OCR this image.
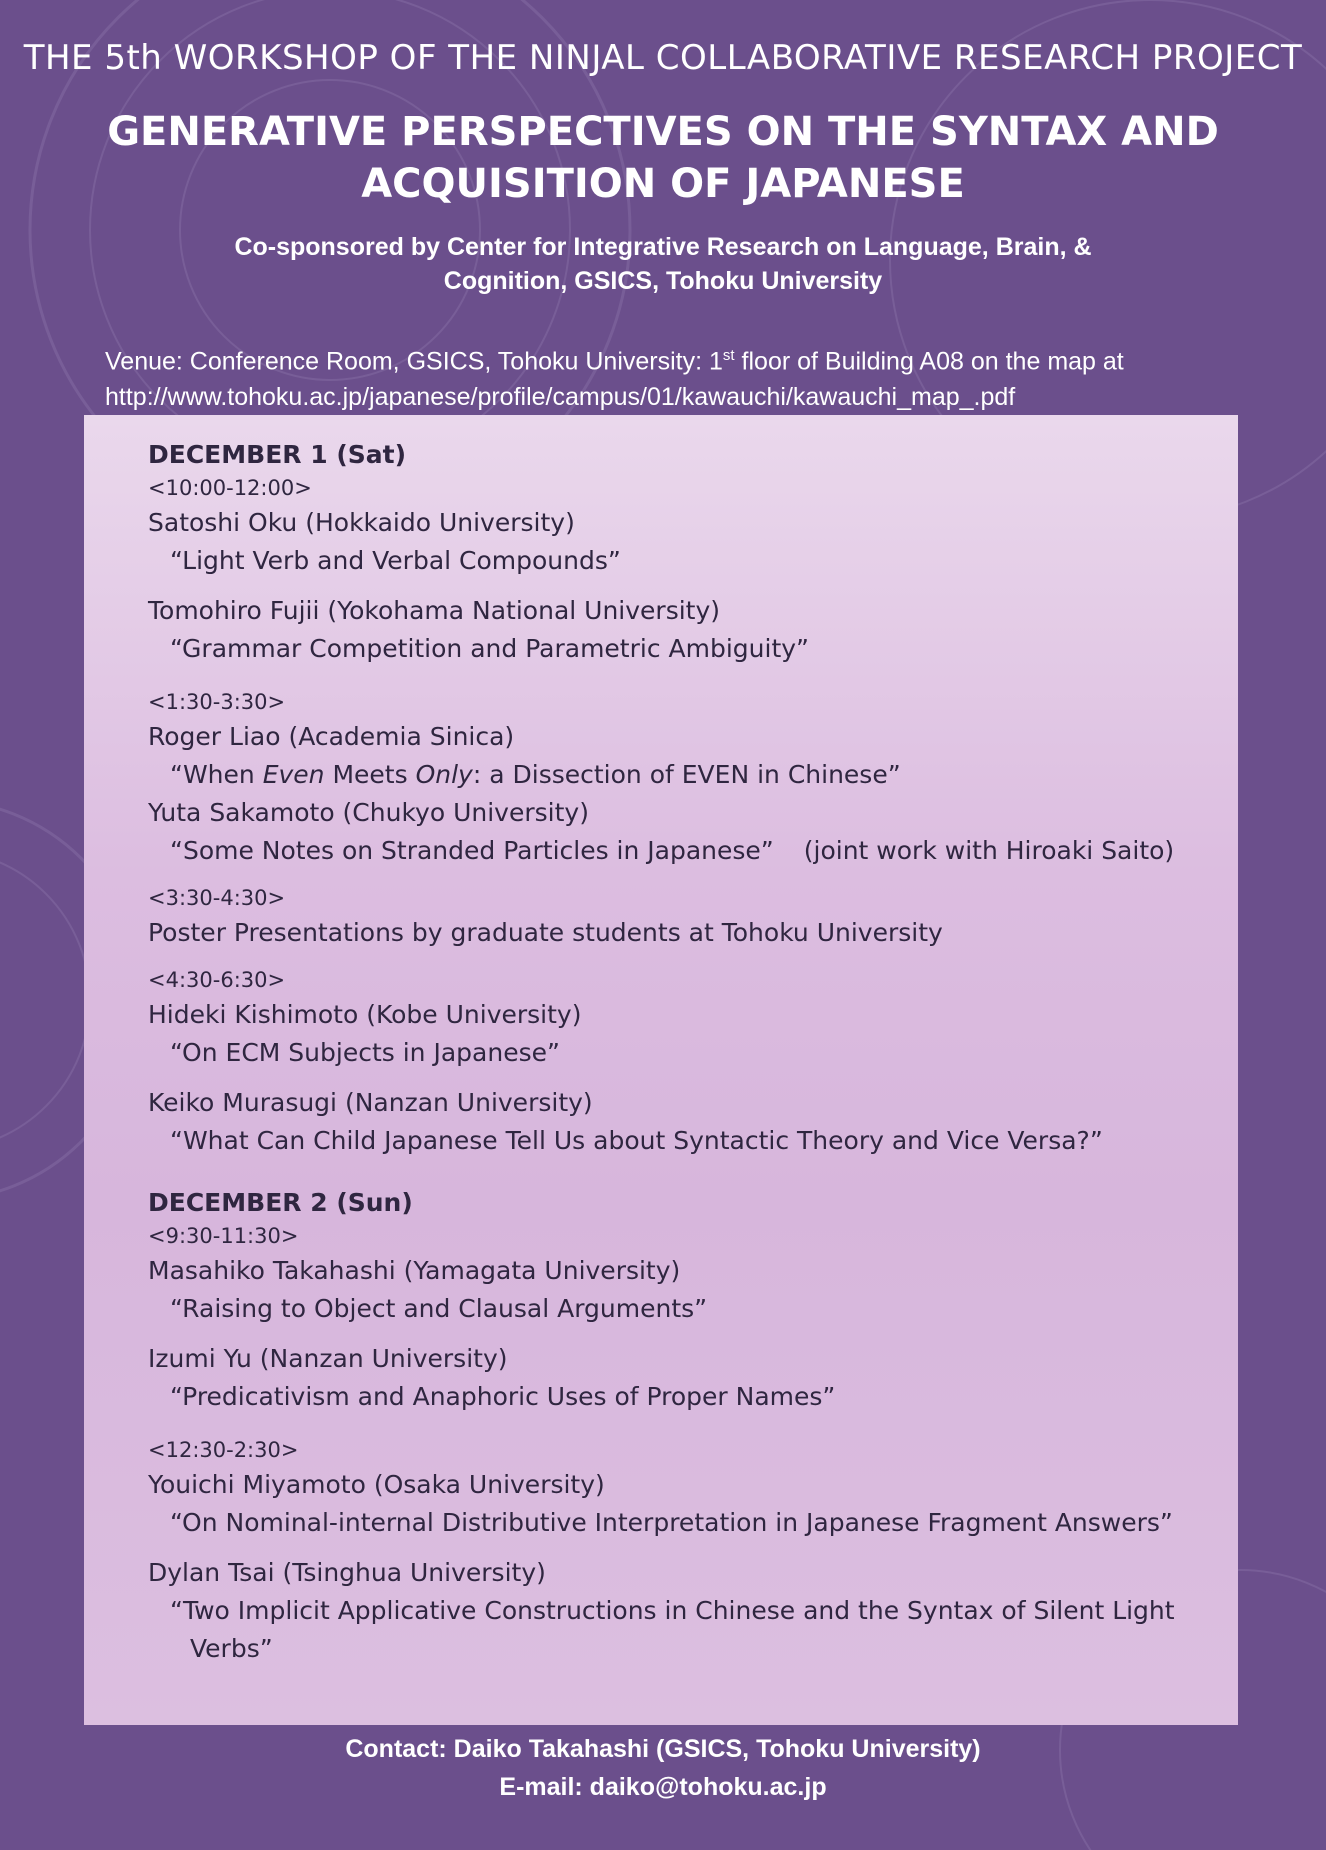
THE 5th WORKSHOP OF THE NINJAL COLLABORATIVE RESEARCH PROJECT
GENERATIVE PERSPECTIVES ON THE SYNTAX AND
ACQUISITION OF JAPANESE
Co-sponsored by Center for Integrative Research on Language, Brain, &
Cognition, GSICS, Tohoku University
Venue: Conference Room, GSICS, Tohoku University: 1st floor of Building A08 on the map at
http://www.tohoku.ac.jp/japanese/profile/campus/01/kawauchi/kawauchi_map_.pdf
DECEMBER 1 (Sat)
<10:00-12:00>
Satoshi Oku (Hokkaido University)
“Light Verb and Verbal Compounds”
Tomohiro Fujii (Yokohama National University)
“Grammar Competition and Parametric Ambiguity”
<1:30-3:30>
Roger Liao (Academia Sinica)
“When Even Meets Only: a Dissection of EVEN in Chinese”
Yuta Sakamoto (Chukyo University)
“Some Notes on Stranded Particles in Japanese” (joint work with Hiroaki Saito)
<3:30-4:30>
Poster Presentations by graduate students at Tohoku University
<4:30-6:30>
Hideki Kishimoto (Kobe University)
“On ECM Subjects in Japanese”
Keiko Murasugi (Nanzan University)
“What Can Child Japanese Tell Us about Syntactic Theory and Vice Versa?”
DECEMBER 2 (Sun)
<9:30-11:30>
Masahiko Takahashi (Yamagata University)
“Raising to Object and Clausal Arguments”
Izumi Yu (Nanzan University)
“Predicativism and Anaphoric Uses of Proper Names”
<12:30-2:30>
Youichi Miyamoto (Osaka University)
“On Nominal-internal Distributive Interpretation in Japanese Fragment Answers”
Dylan Tsai (Tsinghua University)
“Two Implicit Applicative Constructions in Chinese and the Syntax of Silent Light
Verbs”
Contact: Daiko Takahashi (GSICS, Tohoku University)
E-mail: daiko@tohoku.ac.jp
